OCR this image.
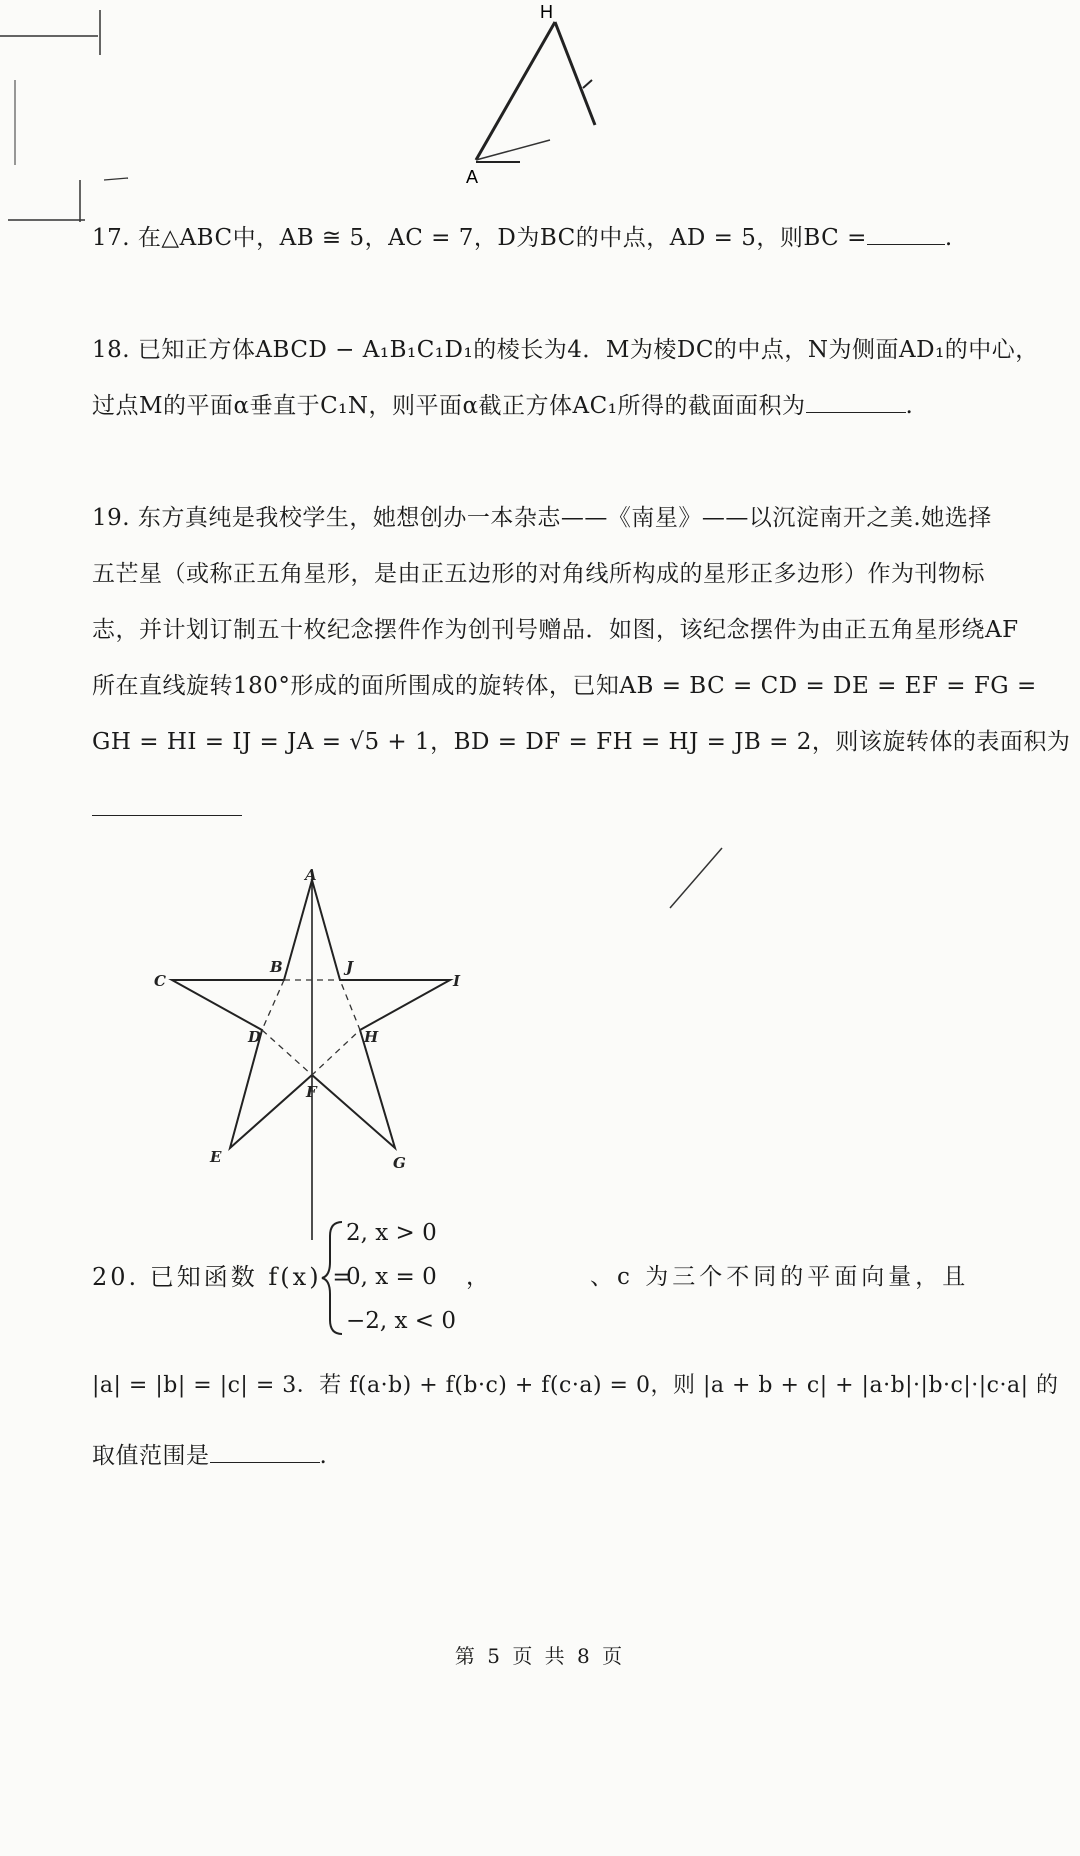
H
A
17. 在△ABC中，AB ≅ 5，AC = 7，D为BC的中点，AD = 5，则BC =	.
18. 已知正方体ABCD − A₁B₁C₁D₁的棱长为4．M为棱DC的中点，N为侧面AD₁的中心，
过点M的平面α垂直于C₁N，则平面α截正方体AC₁所得的截面面积为	.
19. 东方真纯是我校学生，她想创办一本杂志——《南星》——以沉淀南开之美.她选择
五芒星（或称正五角星形，是由正五边形的对角线所构成的星形正多边形）作为刊物标
志，并计划订制五十枚纪念摆件作为创刊号赠品．如图，该纪念摆件为由正五角星形绕AF
所在直线旋转180°形成的面所围成的旋转体，已知AB = BC = CD = DE = EF = FG =
GH = HI = IJ = JA = √5 + 1，BD = DF = FH = HJ = JB = 2，则该旋转体的表面积为
A
B
C
D
E
F
G
H
I
J
20. 已知函数 f(x) =
2, x > 0
0, x = 0
−2, x < 0
，	、c 为三个不同的平面向量，且
|a| = |b| = |c| = 3．若 f(a·b) + f(b·c) + f(c·a) = 0，则 |a + b + c| + |a·b|·|b·c|·|c·a| 的
取值范围是	.
第 5 页 共 8 页
